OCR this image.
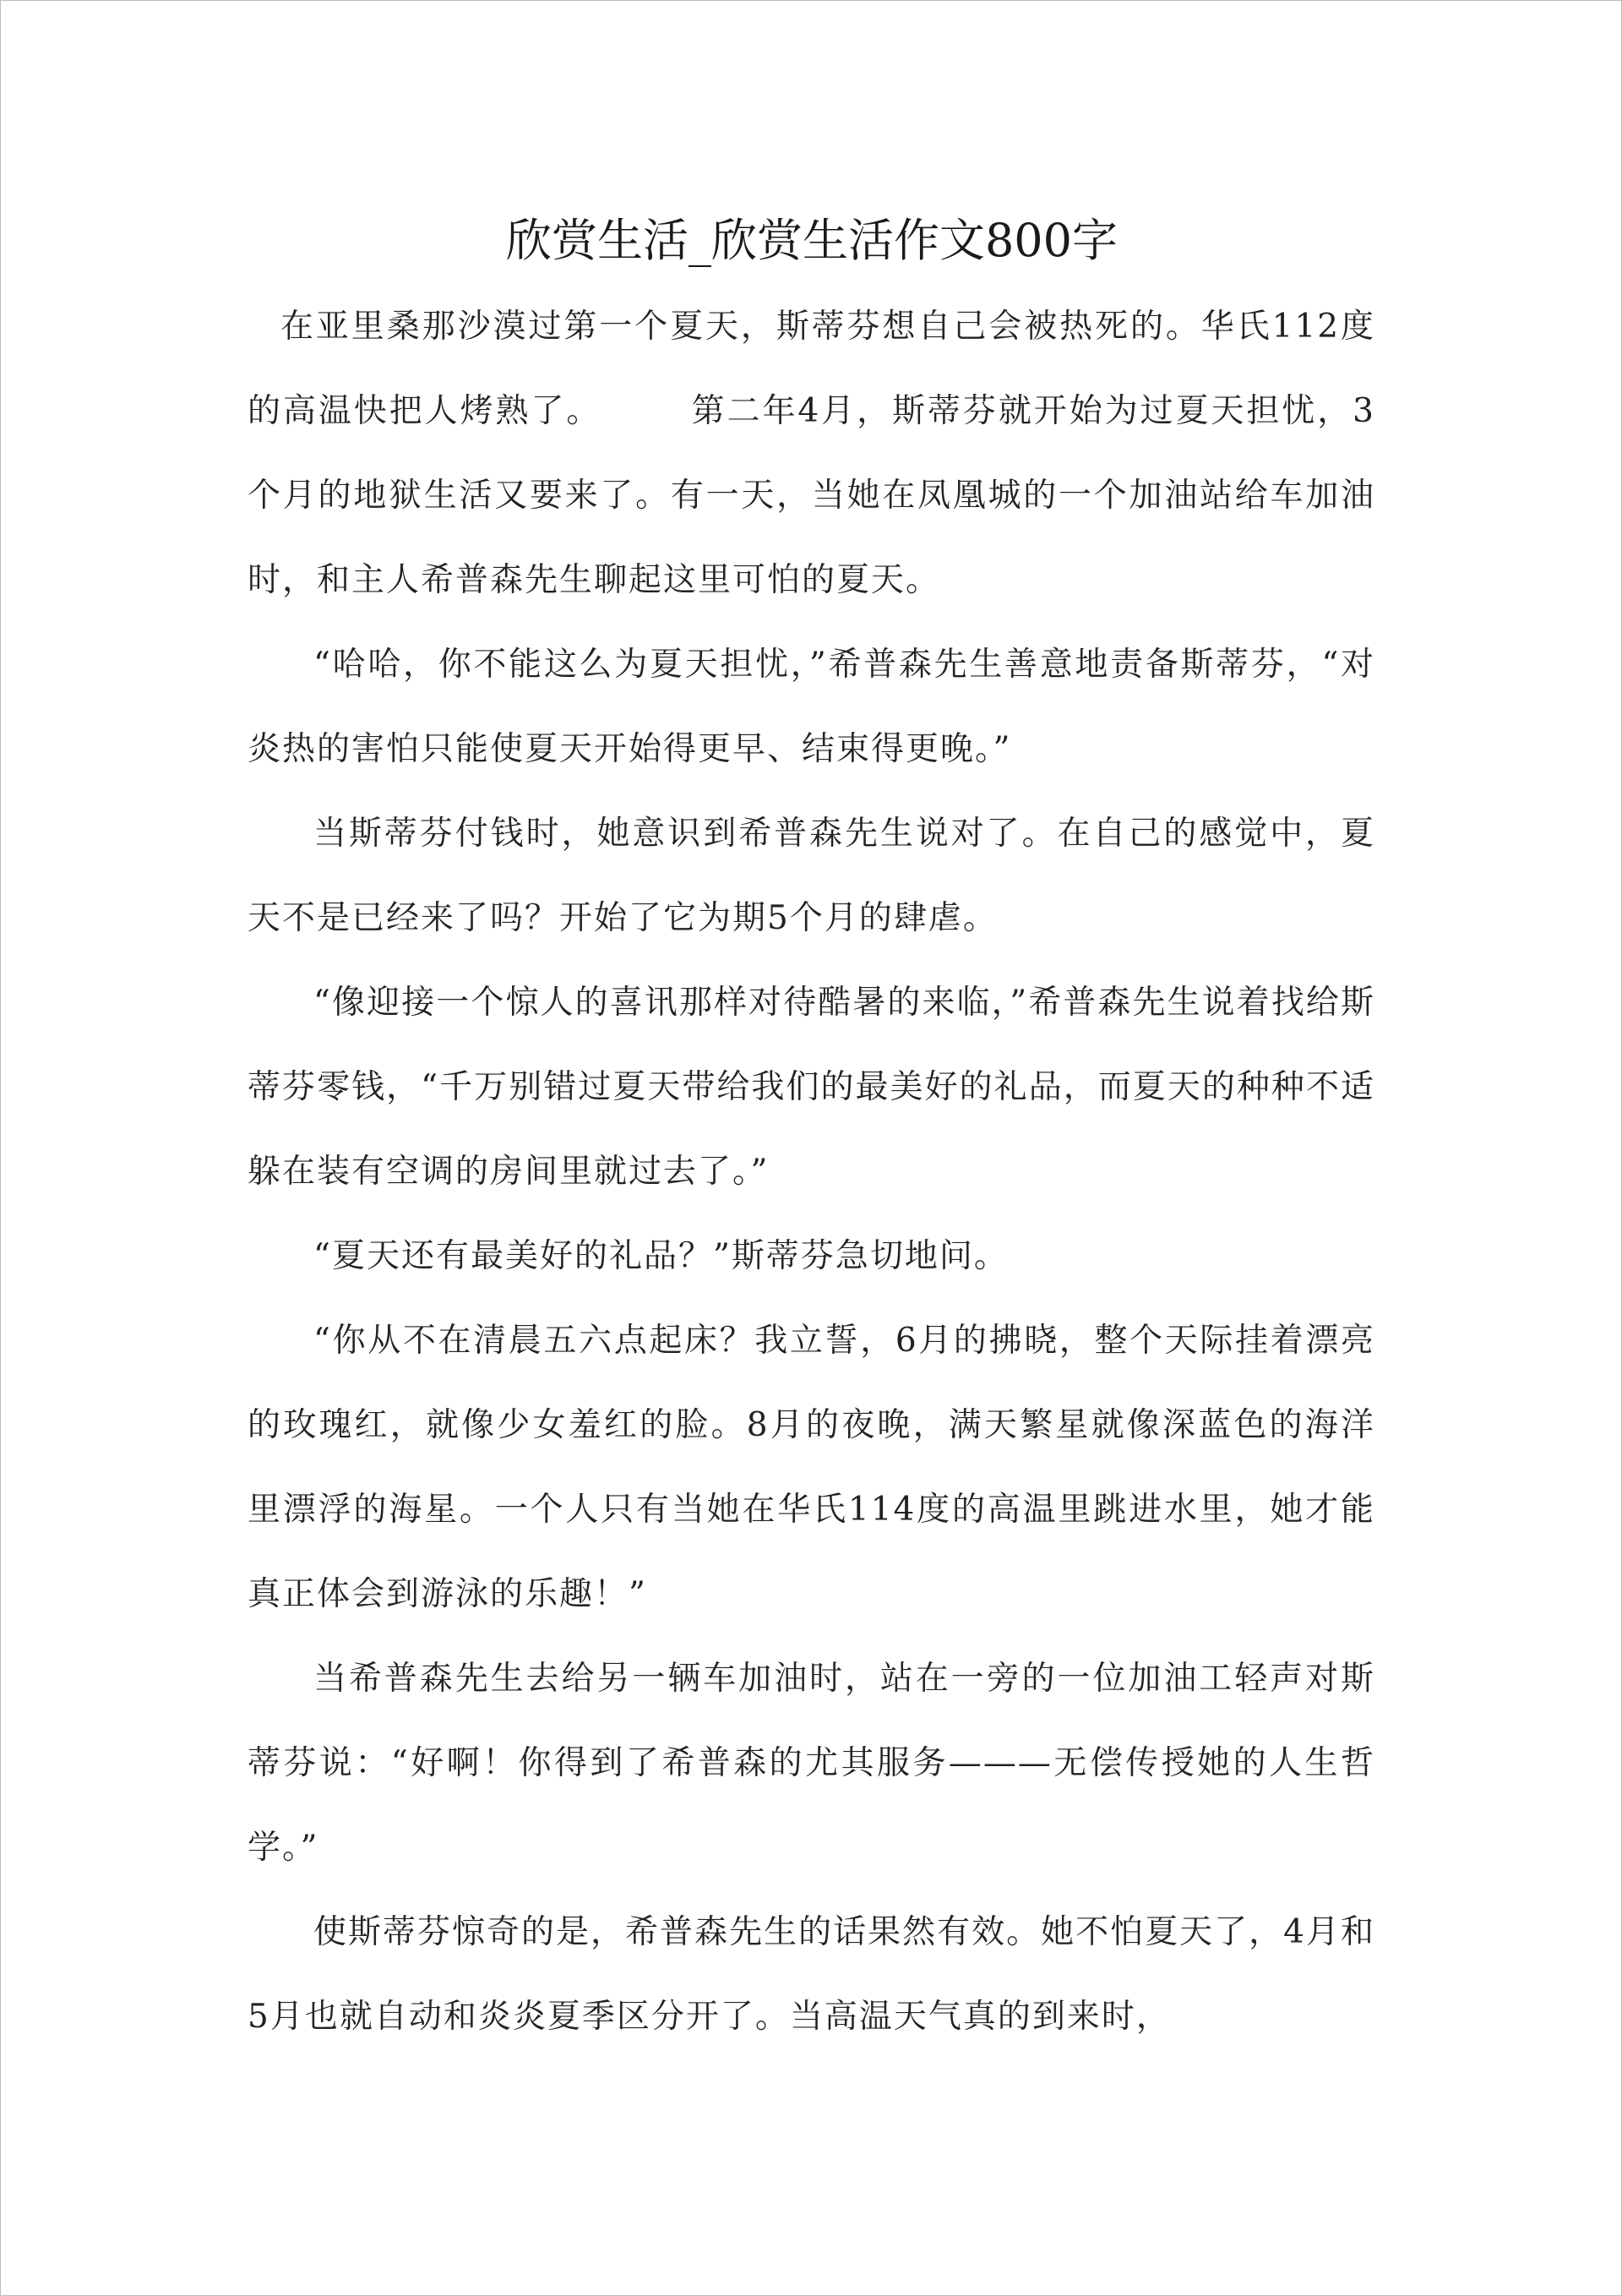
欣赏生活_欣赏生活作文800字

在亚里桑那沙漠过第一个夏天，斯蒂芬想自己会被热死的。华氏112度的高温快把人烤熟了。　　　第二年4月，斯蒂芬就开始为过夏天担忧，3个月的地狱生活又要来了。有一天，当她在凤凰城的一个加油站给车加油时，和主人希普森先生聊起这里可怕的夏天。

“哈哈，你不能这么为夏天担忧，”希普森先生善意地责备斯蒂芬，“对炎热的害怕只能使夏天开始得更早、结束得更晚。”

当斯蒂芬付钱时，她意识到希普森先生说对了。在自己的感觉中，夏天不是已经来了吗？开始了它为期5个月的肆虐。

“像迎接一个惊人的喜讯那样对待酷暑的来临，”希普森先生说着找给斯蒂芬零钱，“千万别错过夏天带给我们的最美好的礼品，而夏天的种种不适躲在装有空调的房间里就过去了。”

“夏天还有最美好的礼品？”斯蒂芬急切地问。

“你从不在清晨五六点起床？我立誓，6月的拂晓，整个天际挂着漂亮的玫瑰红，就像少女羞红的脸。8月的夜晚，满天繁星就像深蓝色的海洋里漂浮的海星。一个人只有当她在华氏114度的高温里跳进水里，她才能真正体会到游泳的乐趣！”

当希普森先生去给另一辆车加油时，站在一旁的一位加油工轻声对斯蒂芬说：“好啊！你得到了希普森的尤其服务———无偿传授她的人生哲学。”

使斯蒂芬惊奇的是，希普森先生的话果然有效。她不怕夏天了，4月和5月也就自动和炎炎夏季区分开了。当高温天气真的到来时，
